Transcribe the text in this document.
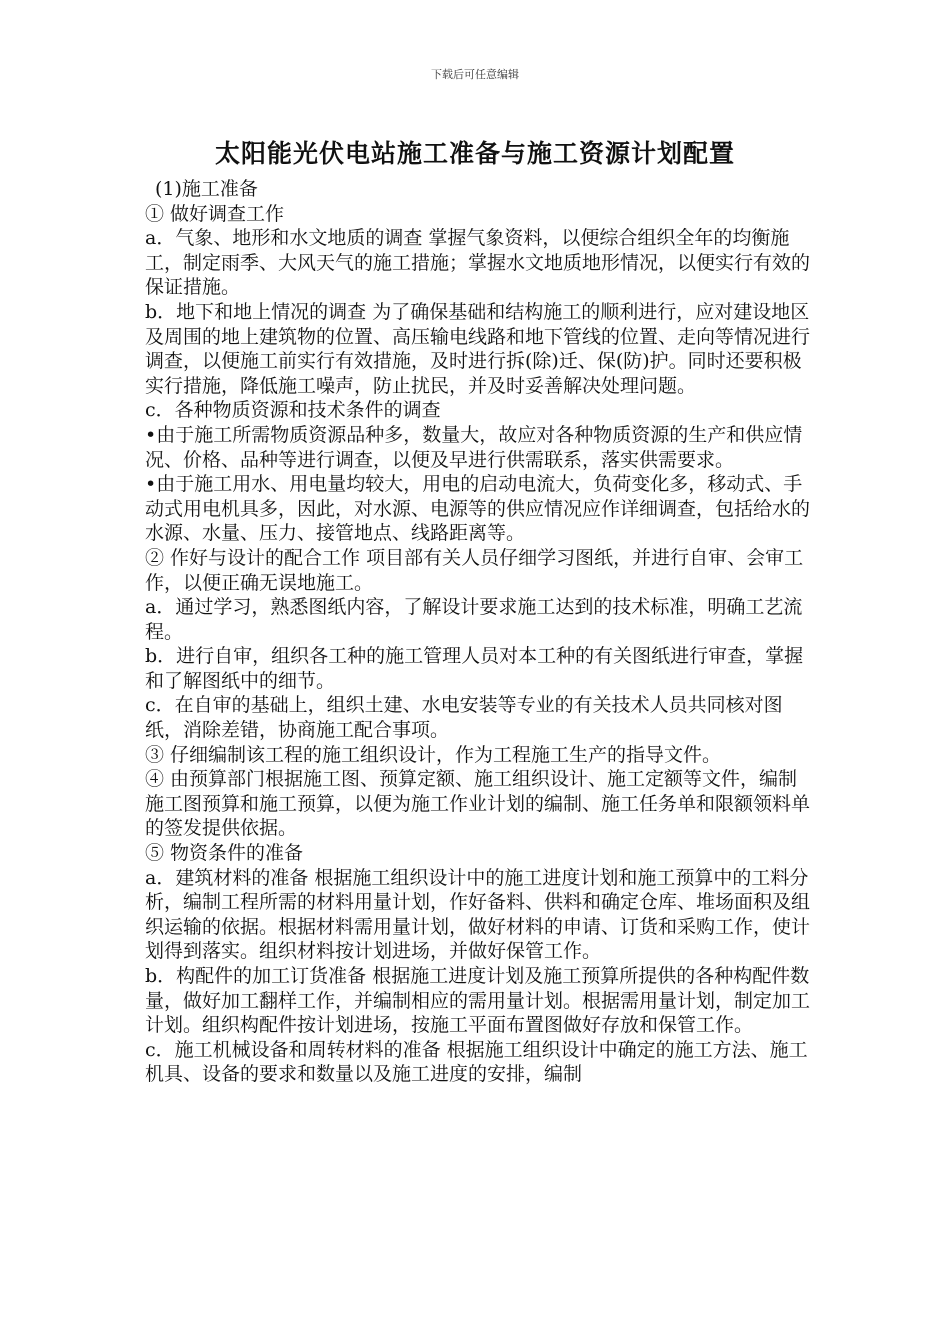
下载后可任意编辑
太阳能光伏电站施工准备与施工资源计划配置

(1)施工准备

① 做好调查工作

a．气象、地形和水文地质的调查 掌握气象资料，以便综合组织全年的均衡施工，制定雨季、大风天气的施工措施；掌握水文地质地形情况，以便实行有效的保证措施。

b．地下和地上情况的调查 为了确保基础和结构施工的顺利进行，应对建设地区及周围的地上建筑物的位置、高压输电线路和地下管线的位置、走向等情况进行调查，以便施工前实行有效措施，及时进行拆(除)迁、保(防)护。同时还要积极实行措施，降低施工噪声，防止扰民，并及时妥善解决处理问题。

c．各种物质资源和技术条件的调查

•由于施工所需物质资源品种多，数量大，故应对各种物质资源的生产和供应情况、价格、品种等进行调查，以便及早进行供需联系，落实供需要求。

•由于施工用水、用电量均较大，用电的启动电流大，负荷变化多，移动式、手动式用电机具多，因此，对水源、电源等的供应情况应作详细调查，包括给水的水源、水量、压力、接管地点、线路距离等。

② 作好与设计的配合工作 项目部有关人员仔细学习图纸，并进行自审、会审工作，以便正确无误地施工。

a．通过学习，熟悉图纸内容，了解设计要求施工达到的技术标准，明确工艺流程。

b．进行自审，组织各工种的施工管理人员对本工种的有关图纸进行审查，掌握和了解图纸中的细节。

c．在自审的基础上，组织土建、水电安装等专业的有关技术人员共同核对图纸，消除差错，协商施工配合事项。

③ 仔细编制该工程的施工组织设计，作为工程施工生产的指导文件。

④ 由预算部门根据施工图、预算定额、施工组织设计、施工定额等文件，编制施工图预算和施工预算，以便为施工作业计划的编制、施工任务单和限额领料单的签发提供依据。

⑤ 物资条件的准备

a．建筑材料的准备 根据施工组织设计中的施工进度计划和施工预算中的工料分析，编制工程所需的材料用量计划，作好备料、供料和确定仓库、堆场面积及组织运输的依据。根据材料需用量计划，做好材料的申请、订货和采购工作，使计划得到落实。组织材料按计划进场，并做好保管工作。

b．构配件的加工订货准备 根据施工进度计划及施工预算所提供的各种构配件数量，做好加工翻样工作，并编制相应的需用量计划。根据需用量计划，制定加工计划。组织构配件按计划进场，按施工平面布置图做好存放和保管工作。

c．施工机械设备和周转材料的准备 根据施工组织设计中确定的施工方法、施工机具、设备的要求和数量以及施工进度的安排，编制
